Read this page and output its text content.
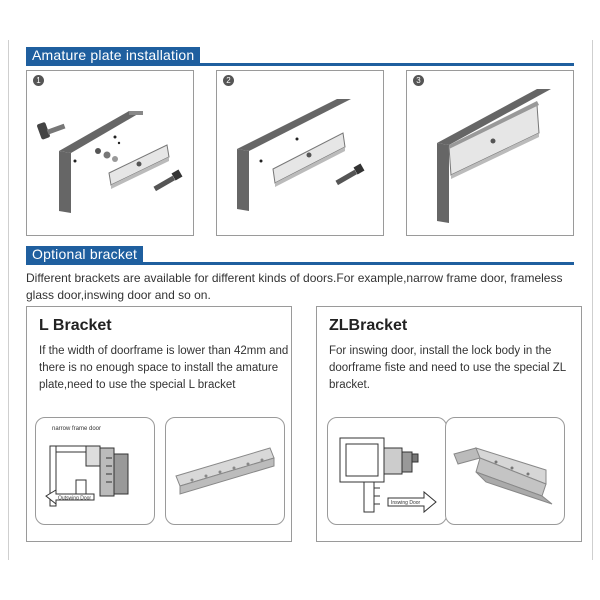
Amature plate installation
1	2	3
Optional bracket
Different brackets are available for different kinds of doors.For example,narrow frame door, frameless glass door,inswing door and so on.
L Bracket
If the width of doorframe is lower than 42mm and there is no enough space to install the amature plate,need to use the special L bracket
narrow frame door
Outswing Door
ZLBracket
For inswing door, install the lock body in the doorframe fiste and need to use the special ZL bracket.
Inswing Door
